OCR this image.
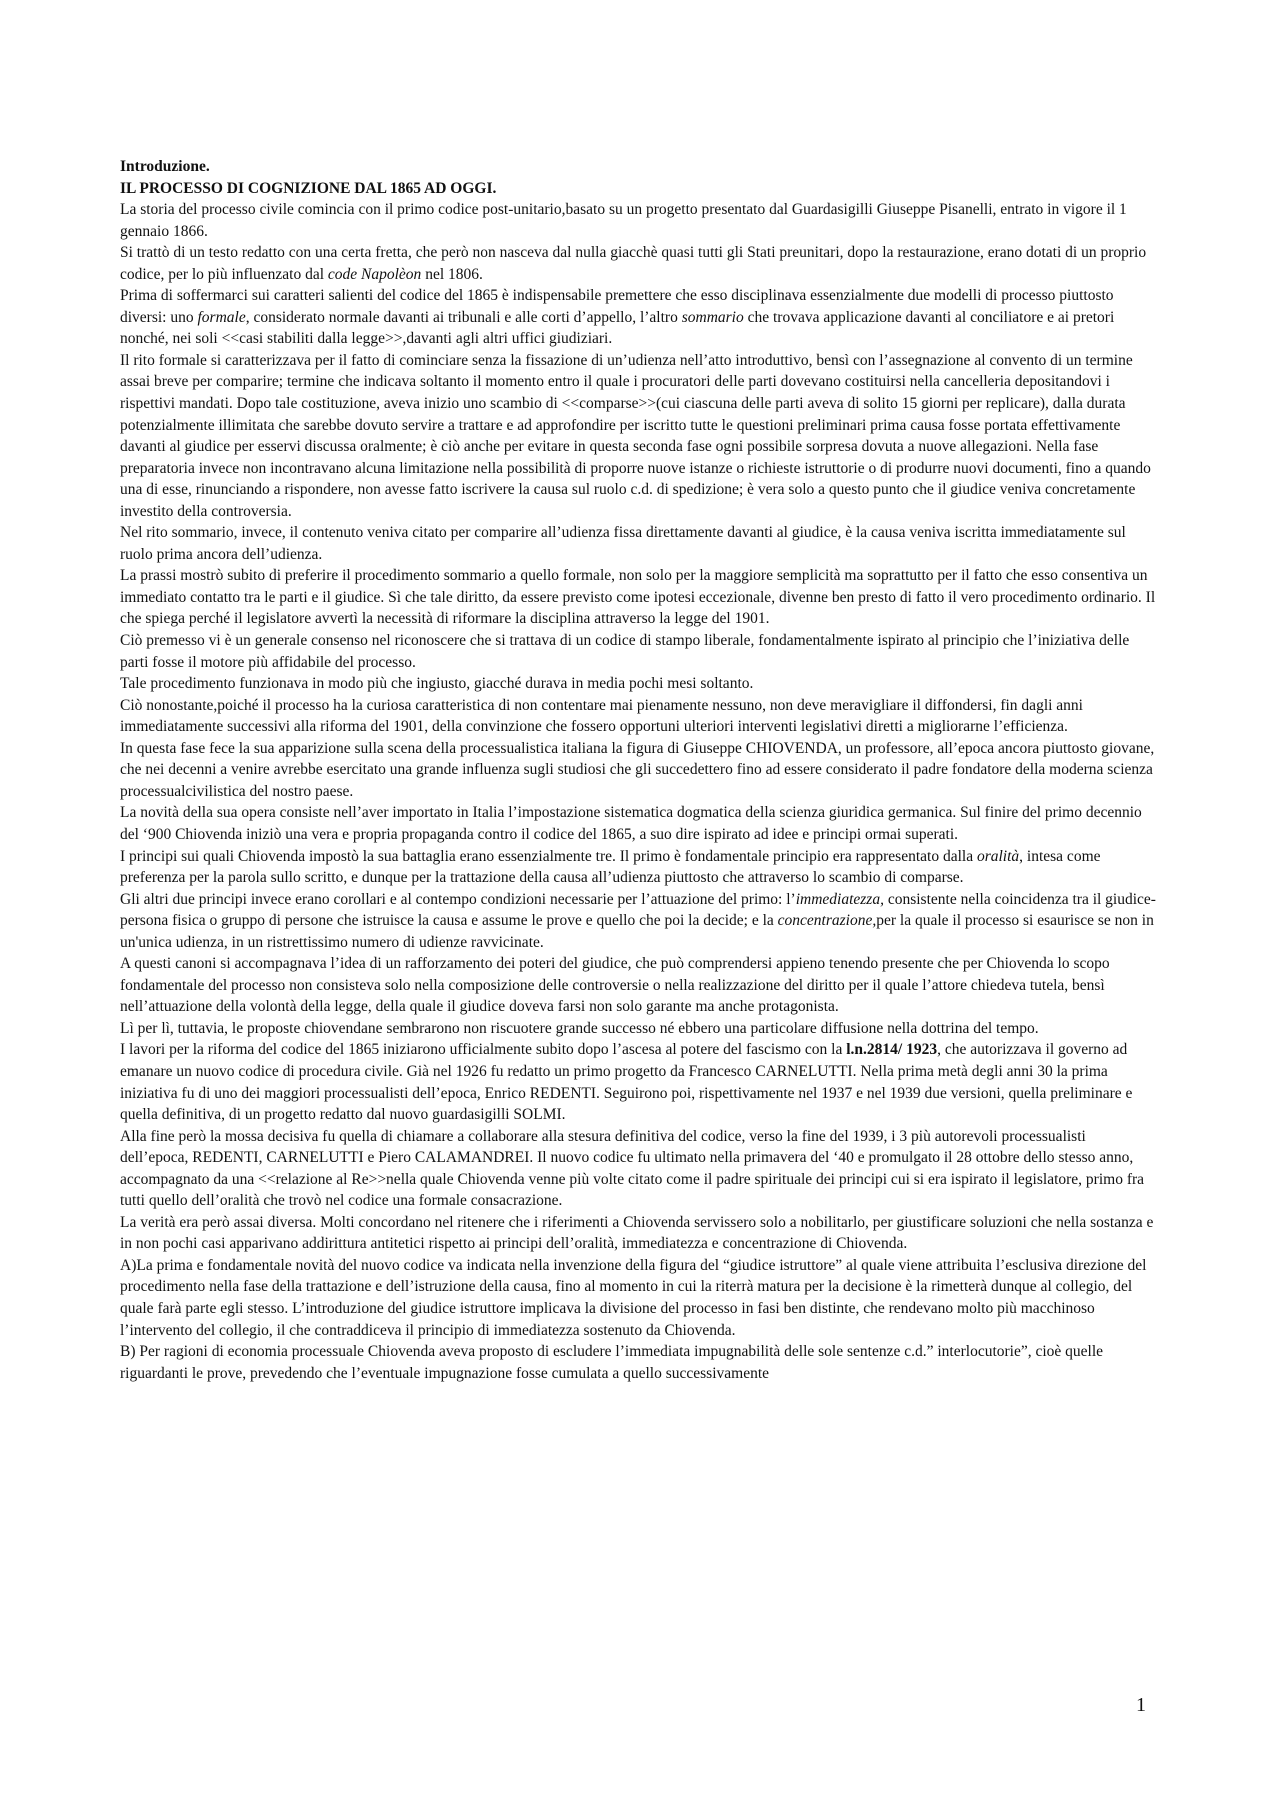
Introduzione.

IL PROCESSO DI COGNIZIONE DAL 1865 AD OGGI.

La storia del processo civile comincia con il primo codice post-unitario,basato su un progetto presentato dal Guardasigilli Giuseppe Pisanelli, entrato in vigore il 1 gennaio 1866.

Si trattò di un testo redatto con una certa fretta, che però non nasceva dal nulla giacchè quasi tutti gli Stati preunitari, dopo la restaurazione, erano dotati di un proprio codice, per lo più influenzato dal code Napolèon nel 1806.

Prima di soffermarci sui caratteri salienti del codice del 1865 è indispensabile premettere che esso disciplinava essenzialmente due modelli di processo piuttosto diversi: uno formale, considerato normale davanti ai tribunali e alle corti d’appello, l’altro sommario che trovava applicazione davanti al conciliatore e ai pretori nonché, nei soli <<casi stabiliti dalla legge>>,davanti agli altri uffici giudiziari.

Il rito formale si caratterizzava per il fatto di cominciare senza la fissazione di un’udienza nell’atto introduttivo, bensì con l’assegnazione al convento di un termine assai breve per comparire; termine che indicava soltanto il momento entro il quale i procuratori delle parti dovevano costituirsi nella cancelleria depositandovi i rispettivi mandati. Dopo tale costituzione, aveva inizio uno scambio di <<comparse>>(cui ciascuna delle parti aveva di solito 15 giorni per replicare), dalla durata potenzialmente illimitata che sarebbe dovuto servire a trattare e ad approfondire per iscritto tutte le questioni preliminari prima causa fosse portata effettivamente davanti al giudice per esservi discussa oralmente; è ciò anche per evitare in questa seconda fase ogni possibile sorpresa dovuta a nuove allegazioni. Nella fase preparatoria invece non incontravano alcuna limitazione nella possibilità di proporre nuove istanze o richieste istruttorie o di produrre nuovi documenti, fino a quando una di esse, rinunciando a rispondere, non avesse fatto iscrivere la causa sul ruolo c.d. di spedizione; è vera solo a questo punto che il giudice veniva concretamente investito della controversia.

Nel rito sommario, invece, il contenuto veniva citato per comparire all’udienza fissa direttamente davanti al giudice, è la causa veniva iscritta immediatamente sul ruolo prima ancora dell’udienza.

La prassi mostrò subito di preferire il procedimento sommario a quello formale, non solo per la maggiore semplicità ma soprattutto per il fatto che esso consentiva un immediato contatto tra le parti e il giudice. Sì che tale diritto, da essere previsto come ipotesi eccezionale, divenne ben presto di fatto il vero procedimento ordinario. Il che spiega perché il legislatore avvertì la necessità di riformare la disciplina attraverso la legge del 1901.

Ciò premesso vi è un generale consenso nel riconoscere che si trattava di un codice di stampo liberale, fondamentalmente ispirato al principio che l’iniziativa delle parti fosse il motore più affidabile del processo.

Tale procedimento funzionava in modo più che ingiusto, giacché durava in media pochi mesi soltanto.

Ciò nonostante,poiché il processo ha la curiosa caratteristica di non contentare mai pienamente nessuno, non deve meravigliare il diffondersi, fin dagli anni immediatamente successivi alla riforma del 1901, della convinzione che fossero opportuni ulteriori interventi legislativi diretti a migliorarne l’efficienza.

In questa fase fece la sua apparizione sulla scena della processualistica italiana la figura di Giuseppe CHIOVENDA, un professore, all’epoca ancora piuttosto giovane, che nei decenni a venire avrebbe esercitato una grande influenza sugli studiosi che gli succedettero fino ad essere considerato il padre fondatore della moderna scienza processualcivilistica del nostro paese.

La novità della sua opera consiste nell’aver importato in Italia l’impostazione sistematica dogmatica della scienza giuridica germanica. Sul finire del primo decennio del ‘900 Chiovenda iniziò una vera e propria propaganda contro il codice del 1865, a suo dire ispirato ad idee e principi ormai superati.

I principi sui quali Chiovenda impostò la sua battaglia erano essenzialmente tre. Il primo è fondamentale principio era rappresentato dalla oralità, intesa come preferenza per la parola sullo scritto, e dunque per la trattazione della causa all’udienza piuttosto che attraverso lo scambio di comparse.

Gli altri due principi invece erano corollari e al contempo condizioni necessarie per l’attuazione del primo: l’immediatezza, consistente nella coincidenza tra il giudice-persona fisica o gruppo di persone che istruisce la causa e assume le prove e quello che poi la decide; e la concentrazione,per la quale il processo si esaurisce se non in un'unica udienza, in un ristrettissimo numero di udienze ravvicinate.

A questi canoni si accompagnava l’idea di un rafforzamento dei poteri del giudice, che può comprendersi appieno tenendo presente che per Chiovenda lo scopo fondamentale del processo non consisteva solo nella composizione delle controversie o nella realizzazione del diritto per il quale l’attore chiedeva tutela, bensì nell’attuazione della volontà della legge, della quale il giudice doveva farsi non solo garante ma anche protagonista.

Lì per lì, tuttavia, le proposte chiovendane sembrarono non riscuotere grande successo né ebbero una particolare diffusione nella dottrina del tempo.

I lavori per la riforma del codice del 1865 iniziarono ufficialmente subito dopo l’ascesa al potere del fascismo con la l.n.2814/ 1923, che autorizzava il governo ad emanare un nuovo codice di procedura civile. Già nel 1926 fu redatto un primo progetto da Francesco CARNELUTTI. Nella prima metà degli anni 30 la prima iniziativa fu di uno dei maggiori processualisti dell’epoca, Enrico REDENTI. Seguirono poi, rispettivamente nel 1937 e nel 1939 due versioni, quella preliminare e quella definitiva, di un progetto redatto dal nuovo guardasigilli SOLMI.

Alla fine però la mossa decisiva fu quella di chiamare a collaborare alla stesura definitiva del codice, verso la fine del 1939, i 3 più autorevoli processualisti dell’epoca, REDENTI, CARNELUTTI e Piero CALAMANDREI. Il nuovo codice fu ultimato nella primavera del ‘40 e promulgato il 28 ottobre dello stesso anno, accompagnato da una <<relazione al Re>>nella quale Chiovenda venne più volte citato come il padre spirituale dei principi cui si era ispirato il legislatore, primo fra tutti quello dell’oralità che trovò nel codice una formale consacrazione.

La verità era però assai diversa. Molti concordano nel ritenere che i riferimenti a Chiovenda servissero solo a nobilitarlo, per giustificare soluzioni che nella sostanza e in non pochi casi apparivano addirittura antitetici rispetto ai principi dell’oralità, immediatezza e concentrazione di Chiovenda.

A)La prima e fondamentale novità del nuovo codice va indicata nella invenzione della figura del “giudice istruttore” al quale viene attribuita l’esclusiva direzione del procedimento nella fase della trattazione e dell’istruzione della causa, fino al momento in cui la riterrà matura per la decisione è la rimetterà dunque al collegio, del quale farà parte egli stesso. L’introduzione del giudice istruttore implicava la divisione del processo in fasi ben distinte, che rendevano molto più macchinoso l’intervento del collegio, il che contraddiceva il principio di immediatezza sostenuto da Chiovenda.

B) Per ragioni di economia processuale Chiovenda aveva proposto di escludere l’immediata impugnabilità delle sole sentenze c.d.” interlocutorie”, cioè quelle riguardanti le prove, prevedendo che l’eventuale impugnazione fosse cumulata a quello successivamente

1
